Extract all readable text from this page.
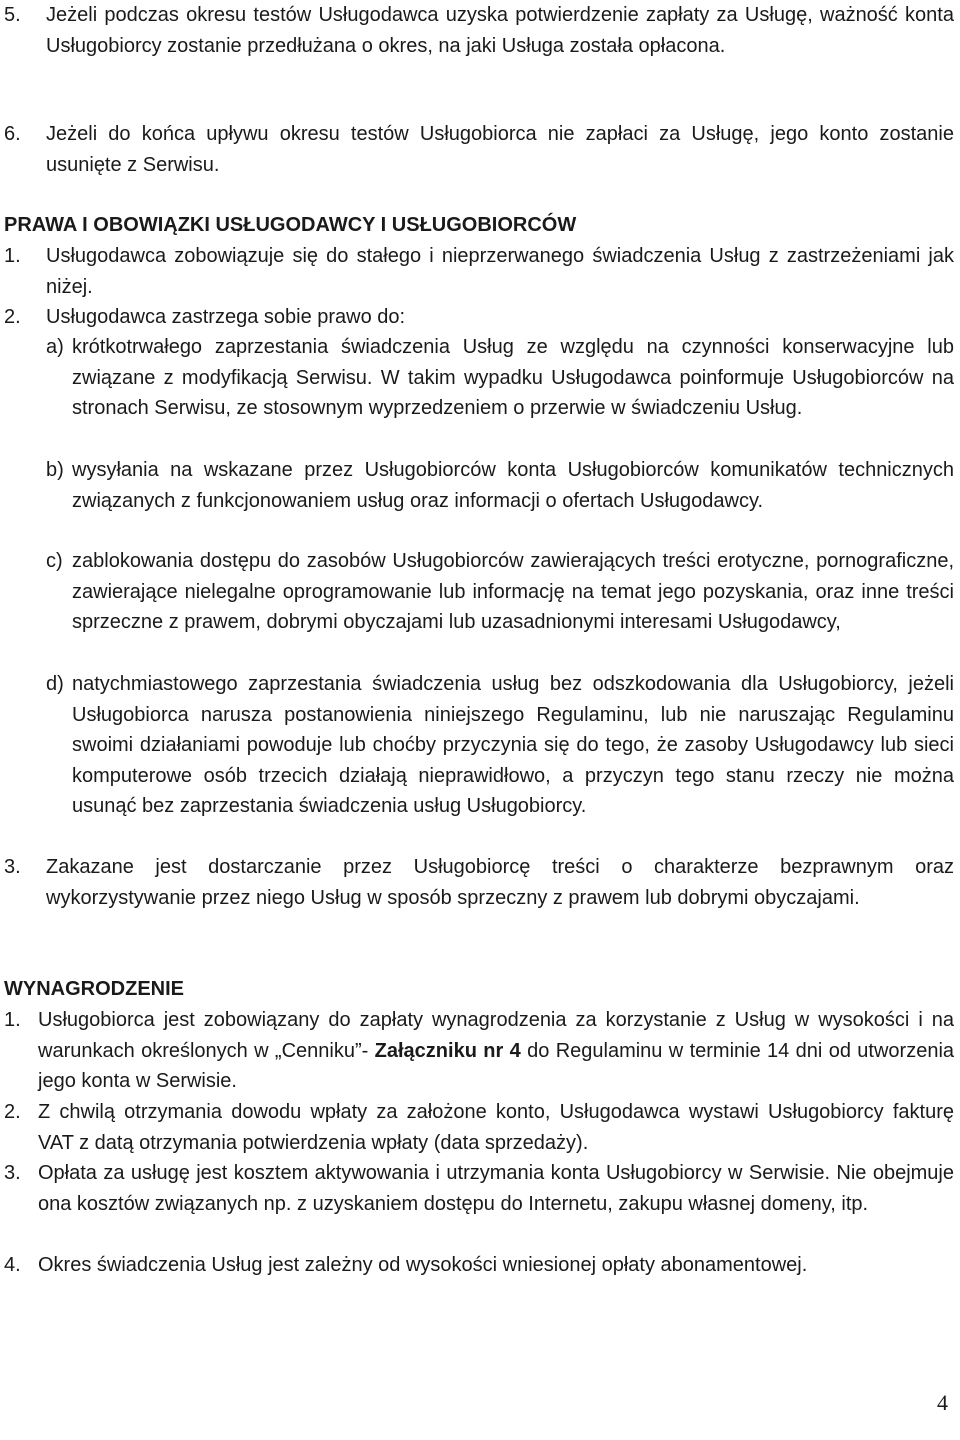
5.	Jeżeli podczas okresu testów Usługodawca uzyska potwierdzenie zapłaty za Usługę, ważność konta Usługobiorcy zostanie przedłużana o okres, na jaki Usługa została opłacona.
6.	Jeżeli do końca upływu okresu testów Usługobiorca nie zapłaci za Usługę, jego konto zostanie usunięte z Serwisu.
PRAWA I OBOWIĄZKI USŁUGODAWCY I USŁUGOBIORCÓW
1.	Usługodawca zobowiązuje się do stałego i nieprzerwanego świadczenia Usług z zastrzeżeniami jak niżej.
2.	Usługodawca zastrzega sobie prawo do:
a) krótkotrwałego zaprzestania świadczenia Usług ze względu na czynności konserwacyjne lub związane z modyfikacją Serwisu. W takim wypadku Usługodawca poinformuje Usługobiorców na stronach Serwisu, ze stosownym wyprzedzeniem o przerwie w świadczeniu Usług.
b) wysyłania na wskazane przez Usługobiorców konta Usługobiorców komunikatów technicznych związanych z funkcjonowaniem usług oraz informacji o ofertach Usługodawcy.
c) zablokowania dostępu do zasobów Usługobiorców zawierających treści erotyczne, pornograficzne, zawierające nielegalne oprogramowanie lub informację na temat jego pozyskania, oraz inne treści sprzeczne z prawem, dobrymi obyczajami lub uzasadnionymi interesami Usługodawcy,
d) natychmiastowego zaprzestania świadczenia usług bez odszkodowania dla Usługobiorcy, jeżeli Usługobiorca narusza postanowienia niniejszego Regulaminu, lub nie naruszając Regulaminu swoimi działaniami powoduje lub choćby przyczynia się do tego, że zasoby Usługodawcy lub sieci komputerowe osób trzecich działają nieprawidłowo, a przyczyn tego stanu rzeczy nie można usunąć bez zaprzestania świadczenia usług Usługobiorcy.
3.	Zakazane jest dostarczanie przez Usługobiorcę treści o charakterze bezprawnym oraz wykorzystywanie przez niego Usług w sposób sprzeczny z prawem lub dobrymi obyczajami.
WYNAGRODZENIE
1. Usługobiorca jest zobowiązany do zapłaty wynagrodzenia za korzystanie z Usług w wysokości i na warunkach określonych w „Cenniku”- Załączniku nr 4 do Regulaminu w terminie 14 dni od utworzenia jego konta w Serwisie.
2. Z chwilą otrzymania dowodu wpłaty za założone konto, Usługodawca wystawi Usługobiorcy fakturę VAT z datą otrzymania potwierdzenia wpłaty (data sprzedaży).
3. Opłata za usługę jest kosztem aktywowania i utrzymania konta Usługobiorcy w Serwisie. Nie obejmuje ona kosztów związanych np. z uzyskaniem dostępu do Internetu, zakupu własnej domeny, itp.
4. Okres świadczenia Usług jest zależny od wysokości wniesionej opłaty abonamentowej.
4
